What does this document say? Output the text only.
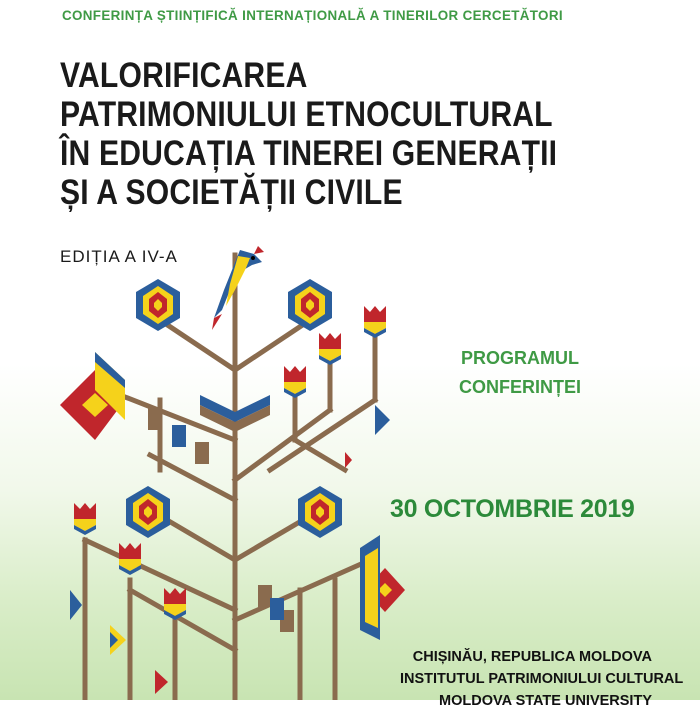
CONFERINȚA ȘTIINȚIFICĂ INTERNAȚIONALĂ A TINERILOR CERCETĂTORI
VALORIFICAREA
PATRIMONIULUI ETNOCULTURAL
ÎN EDUCAȚIA TINEREI GENERAȚII
ȘI A SOCIETĂȚII CIVILE
EDIȚIA A IV-A
PROGRAMUL
CONFERINȚEI
30 OCTOMBRIE 2019
CHIȘINĂU, REPUBLICA MOLDOVA
INSTITUTUL PATRIMONIULUI CULTURAL
MOLDOVA STATE UNIVERSITY
